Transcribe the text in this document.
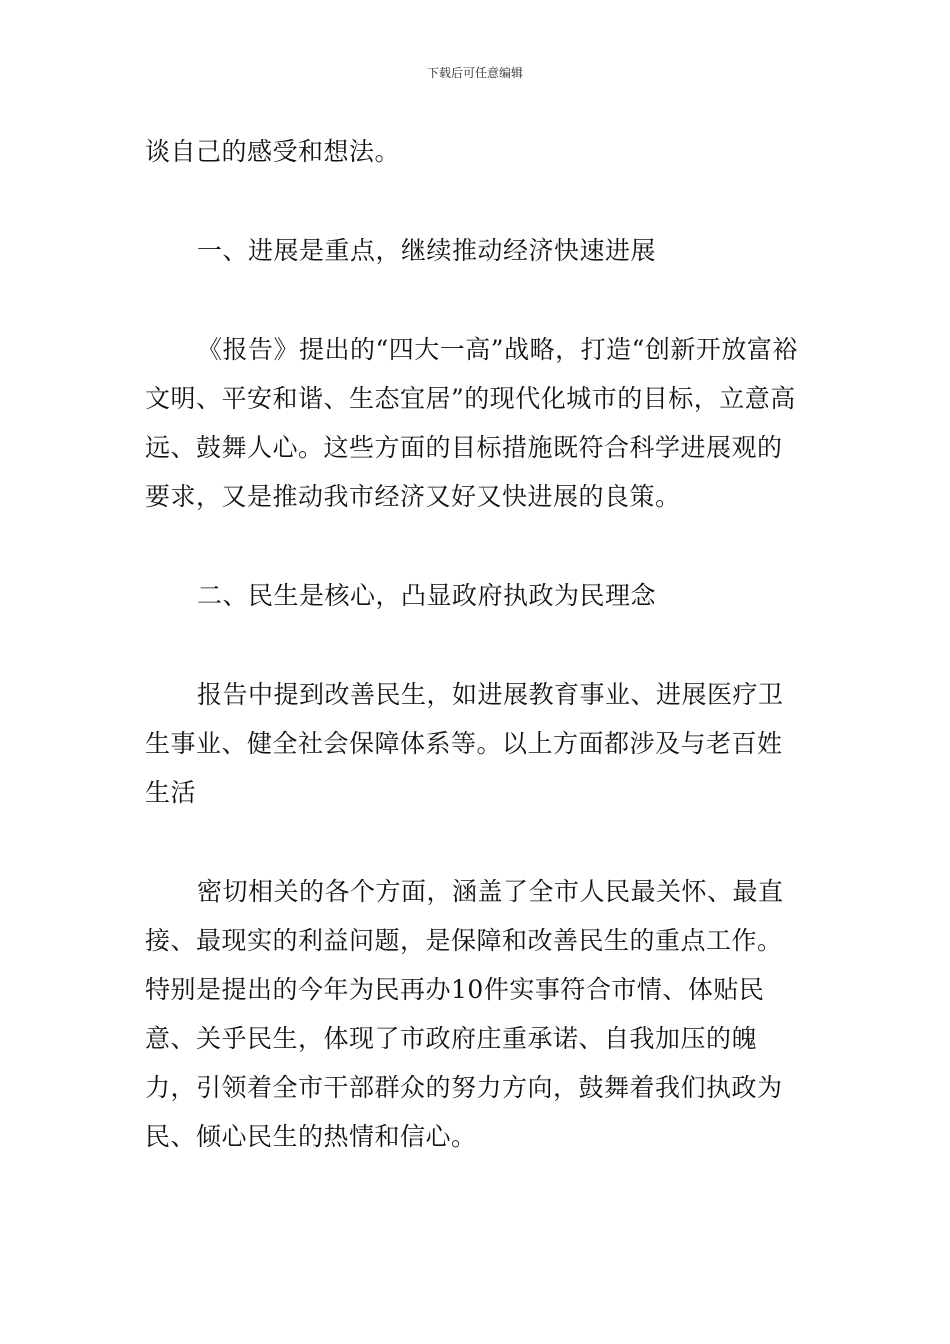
下载后可任意编辑

谈自己的感受和想法。

一、进展是重点，继续推动经济快速进展

《报告》提出的“四大一高”战略，打造“创新开放富裕文明、平安和谐、生态宜居”的现代化城市的目标，立意高远、鼓舞人心。这些方面的目标措施既符合科学进展观的要求，又是推动我市经济又好又快进展的良策。

二、民生是核心，凸显政府执政为民理念

报告中提到改善民生，如进展教育事业、进展医疗卫生事业、健全社会保障体系等。以上方面都涉及与老百姓生活

密切相关的各个方面，涵盖了全市人民最关怀、最直接、最现实的利益问题，是保障和改善民生的重点工作。特别是提出的今年为民再办10件实事符合市情、体贴民意、关乎民生，体现了市政府庄重承诺、自我加压的魄力，引领着全市干部群众的努力方向，鼓舞着我们执政为民、倾心民生的热情和信心。
